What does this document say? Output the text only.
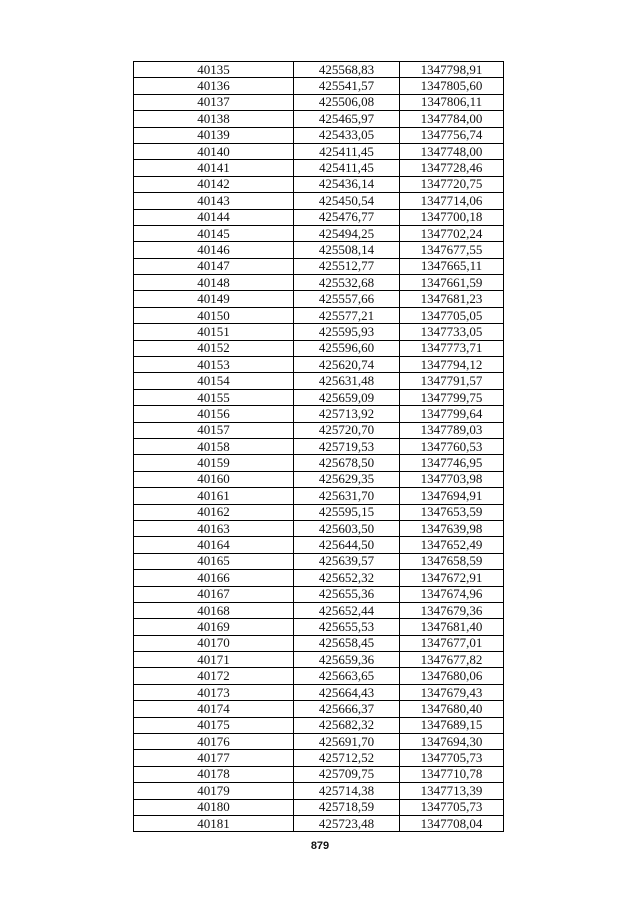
40135	425568,83	1347798,91
40136	425541,57	1347805,60
40137	425506,08	1347806,11
40138	425465,97	1347784,00
40139	425433,05	1347756,74
40140	425411,45	1347748,00
40141	425411,45	1347728,46
40142	425436,14	1347720,75
40143	425450,54	1347714,06
40144	425476,77	1347700,18
40145	425494,25	1347702,24
40146	425508,14	1347677,55
40147	425512,77	1347665,11
40148	425532,68	1347661,59
40149	425557,66	1347681,23
40150	425577,21	1347705,05
40151	425595,93	1347733,05
40152	425596,60	1347773,71
40153	425620,74	1347794,12
40154	425631,48	1347791,57
40155	425659,09	1347799,75
40156	425713,92	1347799,64
40157	425720,70	1347789,03
40158	425719,53	1347760,53
40159	425678,50	1347746,95
40160	425629,35	1347703,98
40161	425631,70	1347694,91
40162	425595,15	1347653,59
40163	425603,50	1347639,98
40164	425644,50	1347652,49
40165	425639,57	1347658,59
40166	425652,32	1347672,91
40167	425655,36	1347674,96
40168	425652,44	1347679,36
40169	425655,53	1347681,40
40170	425658,45	1347677,01
40171	425659,36	1347677,82
40172	425663,65	1347680,06
40173	425664,43	1347679,43
40174	425666,37	1347680,40
40175	425682,32	1347689,15
40176	425691,70	1347694,30
40177	425712,52	1347705,73
40178	425709,75	1347710,78
40179	425714,38	1347713,39
40180	425718,59	1347705,73
40181	425723,48	1347708,04
879
